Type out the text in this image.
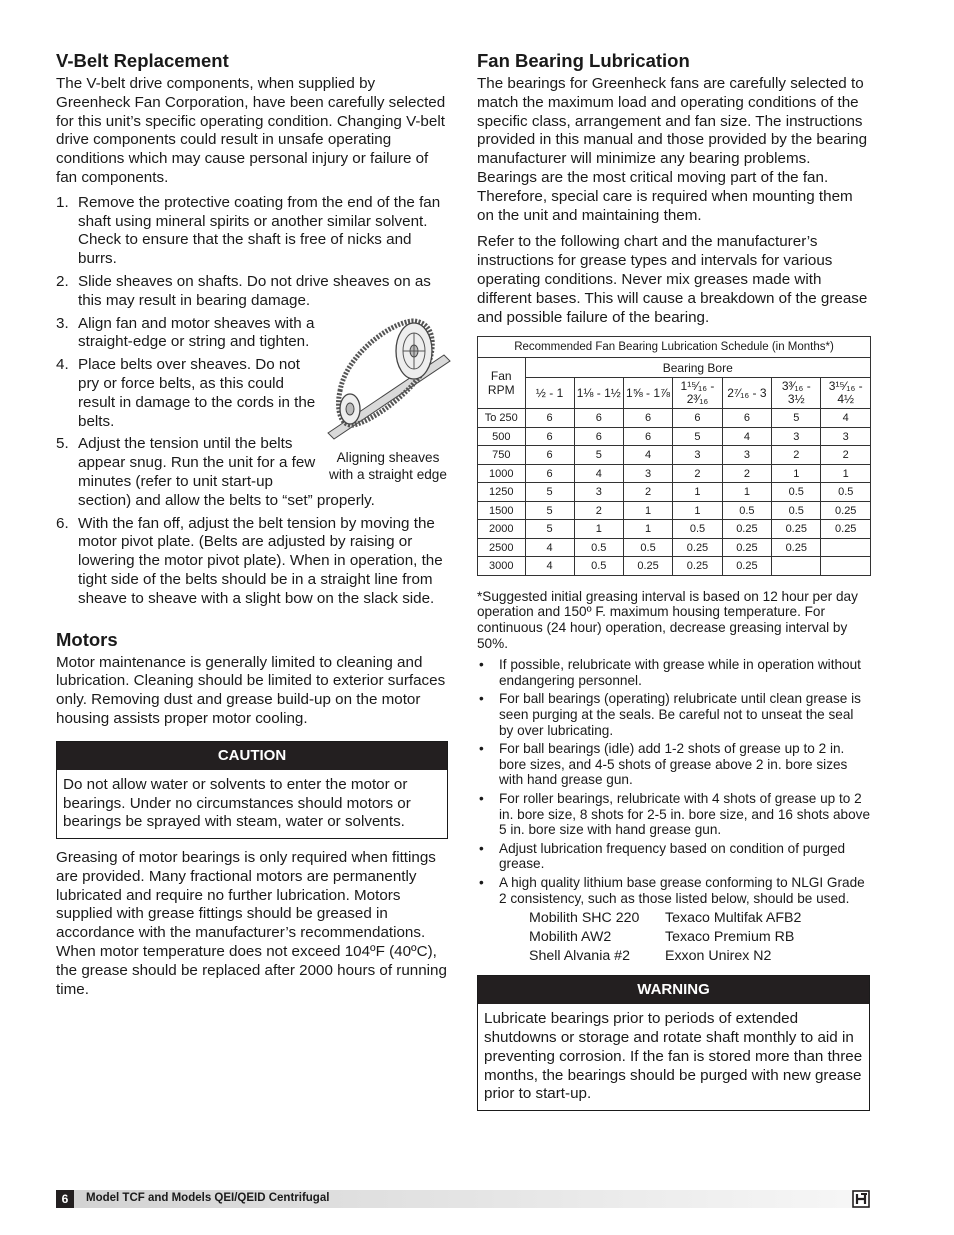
V-Belt Replacement

The V-belt drive components, when supplied by Greenheck Fan Corporation, have been carefully selected for this unit’s specific operating condition. Changing V-belt drive components could result in unsafe operating conditions which may cause personal injury or failure of fan components.

1. Remove the protective coating from the end of the fan shaft using mineral spirits or another similar solvent. Check to ensure that the shaft is free of nicks and burrs.
2. Slide sheaves on shafts. Do not drive sheaves on as this may result in bearing damage.
Aligning sheaves
with a straight edge
3. Align fan and motor sheaves with a straight-edge or string and tighten.
4. Place belts over sheaves. Do not pry or force belts, as this could result in damage to the cords in the belts.
5. Adjust the tension until the belts appear snug. Run the unit for a few minutes (refer to unit start-up section) and allow the belts to “set” properly.
6. With the fan off, adjust the belt tension by moving the motor pivot plate. (Belts are adjusted by raising or lowering the motor pivot plate). When in operation, the tight side of the belts should be in a straight line from sheave to sheave with a slight bow on the slack side.
Motors

Motor maintenance is generally limited to cleaning and lubrication. Cleaning should be limited to exterior surfaces only. Removing dust and grease build-up on the motor housing assists proper motor cooling.

CAUTION
Do not allow water or solvents to enter the motor or bearings. Under no circumstances should motors or bearings be sprayed with steam, water or solvents.

Greasing of motor bearings is only required when fittings are provided. Many fractional motors are permanently lubricated and require no further lubrication. Motors supplied with grease fittings should be greased in accordance with the manufacturer’s recommendations. When motor temperature does not exceed 104ºF (40ºC), the grease should be replaced after 2000 hours of running time.

Fan Bearing Lubrication

The bearings for Greenheck fans are carefully selected to match the maximum load and operating conditions of the specific class, arrangement and fan size. The instructions provided in this manual and those provided by the bearing manufacturer will minimize any bearing problems. Bearings are the most critical moving part of the fan. Therefore, special care is required when mounting them on the unit and maintaining them.

Refer to the following chart and the manufacturer’s instructions for grease types and intervals for various operating conditions. Never mix greases made with different bases. This will cause a breakdown of the grease and possible failure of the bearing.

Recommended Fan Bearing Lubrication Schedule (in Months*)							

Fan
RPM	Bearing Bore						
	½ - 1	1⅛ - 1½	1⅝ - 1⅞	1¹⁵⁄₁₆ - 2³⁄₁₆	2⁷⁄₁₆ - 3	3³⁄₁₆ - 3½	3¹⁵⁄₁₆ - 4½
To 250	6	6	6	6	6	5	4
500	6	6	6	5	4	3	3
750	6	5	4	3	3	2	2
1000	6	4	3	2	2	1	1
1250	5	3	2	1	1	0.5	0.5
1500	5	2	1	1	0.5	0.5	0.25
2000	5	1	1	0.5	0.25	0.25	0.25
2500	4	0.5	0.5	0.25	0.25	0.25	
3000	4	0.5	0.25	0.25	0.25		

*Suggested initial greasing interval is based on 12 hour per day operation and 150º F. maximum housing temperature. For continuous (24 hour) operation, decrease greasing interval by 50%.

• If possible, relubricate with grease while in operation without endangering personnel.
• For ball bearings (operating) relubricate until clean grease is seen purging at the seals. Be careful not to unseat the seal by over lubricating.
• For ball bearings (idle) add 1-2 shots of grease up to 2 in. bore sizes, and 4-5 shots of grease above 2 in. bore sizes with hand grease gun.
• For roller bearings, relubricate with 4 shots of grease up to 2 in. bore size, 8 shots for 2-5 in. bore size, and 16 shots above 5 in. bore size with hand grease gun.
• Adjust lubrication frequency based on condition of purged grease.
• A high quality lithium base grease conforming to NLGI Grade 2 consistency, such as those listed below, should be used.
Mobilith SHC 220	Texaco Multifak AFB2
Mobilith AW2	Texaco Premium RB
Shell Alvania #2	Exxon Unirex N2
WARNING
Lubricate bearings prior to periods of extended shutdowns or storage and rotate shaft monthly to aid in preventing corrosion. If the fan is stored more than three months, the bearings should be purged with new grease prior to start-up.
6	Model TCF and Models QEI/QEID Centrifugal
